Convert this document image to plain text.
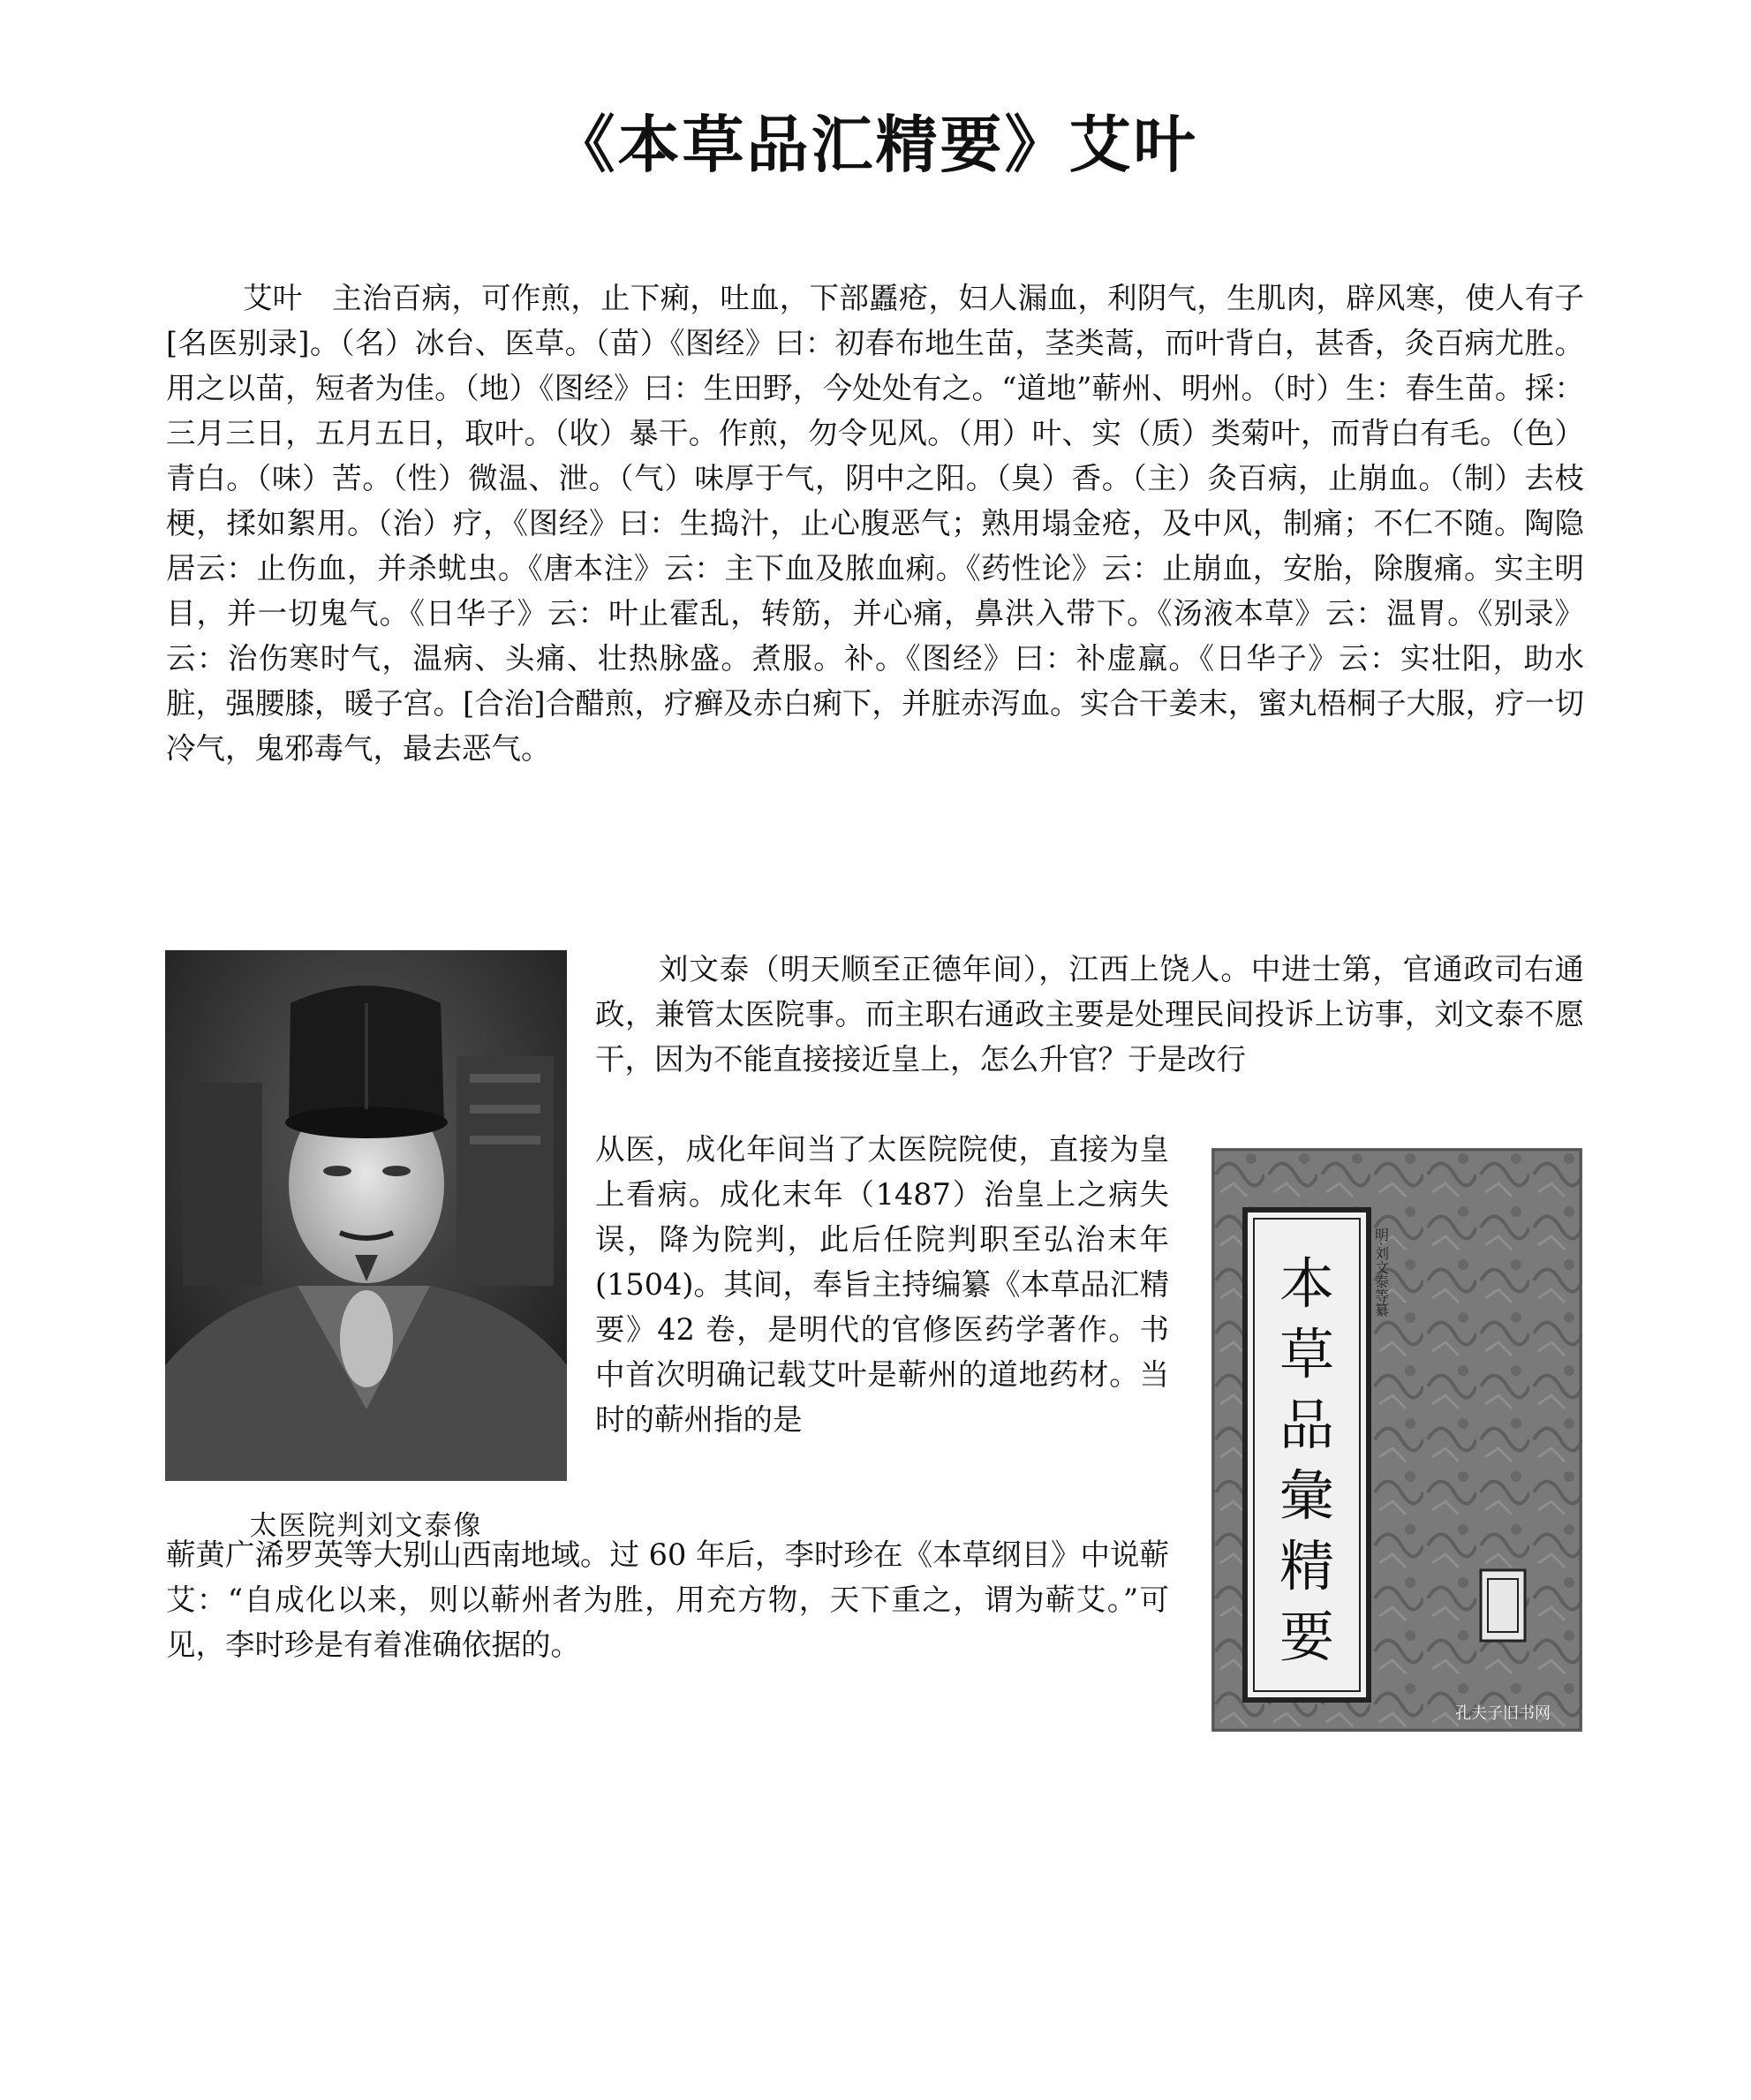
《本草品汇精要》艾叶

艾叶　 主治百病，可作煎，止下痢，吐血，下部䘌疮，妇人漏血，利阴气，生肌肉，辟风寒，使人有子[名医别录]。（名）冰台、医草。（苗）《图经》曰：初春布地生苗，茎类蒿，而叶背白，甚香，灸百病尤胜。用之以苗，短者为佳。（地）《图经》曰：生田野，今处处有之。“道地”蕲州、明州。（时）生：春生苗。採：三月三日，五月五日，取叶。（收）暴干。作煎，勿令见风。（用）叶、实（质）类菊叶，而背白有毛。（色）青白。（味）苦。（性）微温、泄。（气）味厚于气，阴中之阳。（臭）香。（主）灸百病，止崩血。（制）去枝梗，揉如絮用。（治）疗，《图经》曰：生捣汁，止心腹恶气；熟用塌金疮，及中风，制痛；不仁不随。陶隐居云：止伤血，并杀蚘虫。《唐本注》云：主下血及脓血痢。《药性论》云：止崩血，安胎，除腹痛。实主明目，并一切鬼气。《日华子》云：叶止霍乱，转筋，并心痛，鼻洪入带下。《汤液本草》云：温胃。《别录》云：治伤寒时气，温病、头痛、壮热脉盛。煮服。补。《图经》曰：补虚羸。《日华子》云：实壮阳，助水脏，强腰膝，暖子宫。[合治]合醋煎，疗癣及赤白痢下，并脏赤泻血。实合干姜末，蜜丸梧桐子大服，疗一切冷气，鬼邪毒气，最去恶气。

刘文泰（明天顺至正德年间），江西上饶人。中进士第，官通政司右通政，兼管太医院事。而主职右通政主要是处理民间投诉上访事，刘文泰不愿干，因为不能直接接近皇上，怎么升官？于是改行

从医，成化年间当了太医院院使，直接为皇上看病。成化末年（1487）治皇上之病失误，降为院判，此后任院判职至弘治末年(1504)。其间，奉旨主持编纂《本草品汇精要》42 卷，是明代的官修医药学著作。书中首次明确记载艾叶是蕲州的道地药材。当时的蕲州指的是

蕲黄广浠罗英等大别山西南地域。过 60 年后，李时珍在《本草纲目》中说蕲艾：“自成化以来，则以蕲州者为胜，用充方物，天下重之，谓为蕲艾。”可见，李时珍是有着准确依据的。

太医院判刘文泰像
本
草
品
彙
精
要
明·刘文泰等纂
孔夫子旧书网
